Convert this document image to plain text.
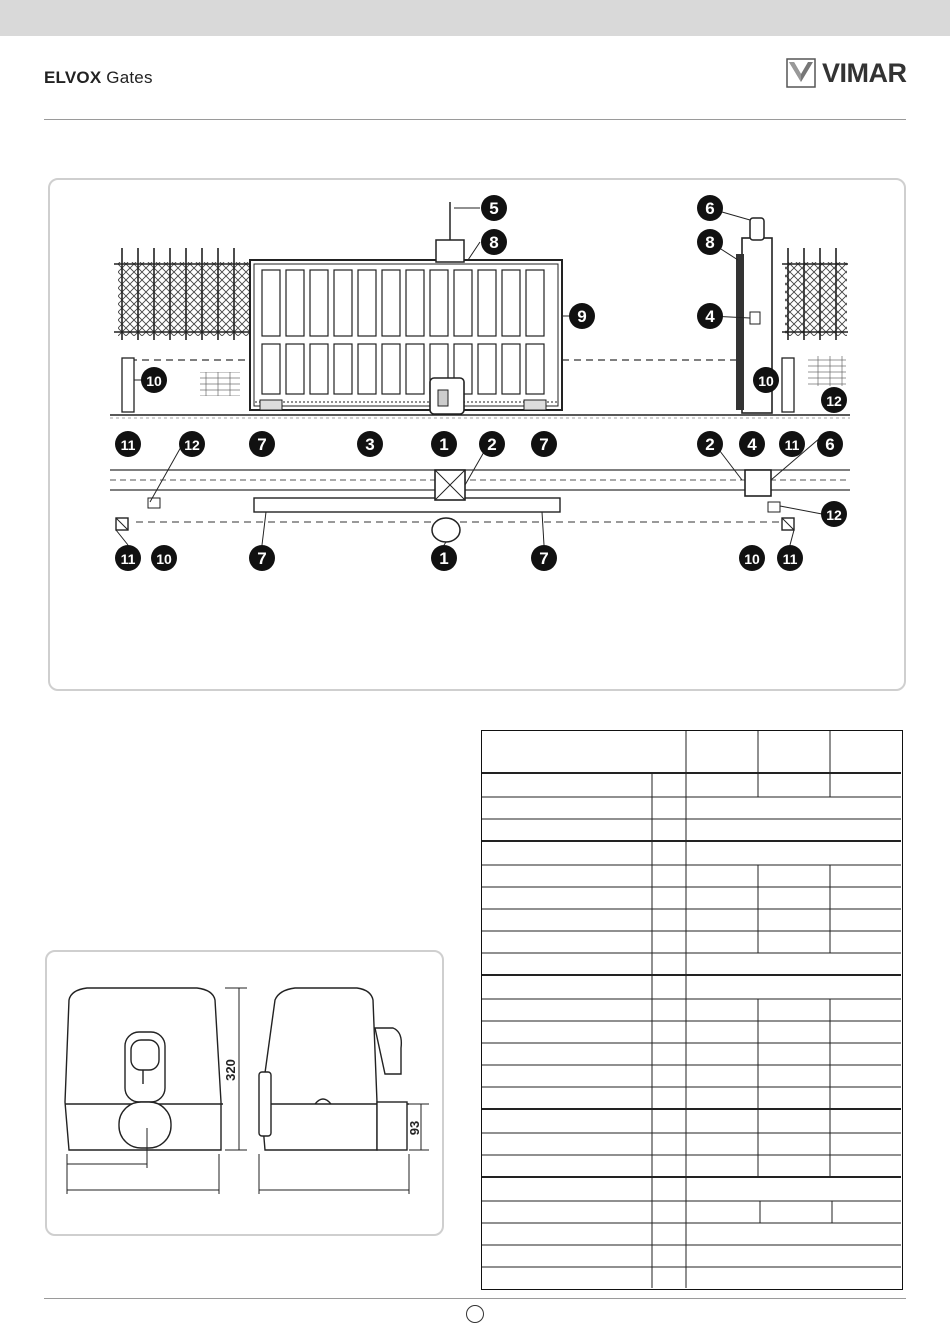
ELVOX Gates	VIMAR
5
8
9
6
8
4
10
12
10
11	12	7	3	1 2	7	2 4 11 6
12
11 10	7	1	7	10 11
320
93
